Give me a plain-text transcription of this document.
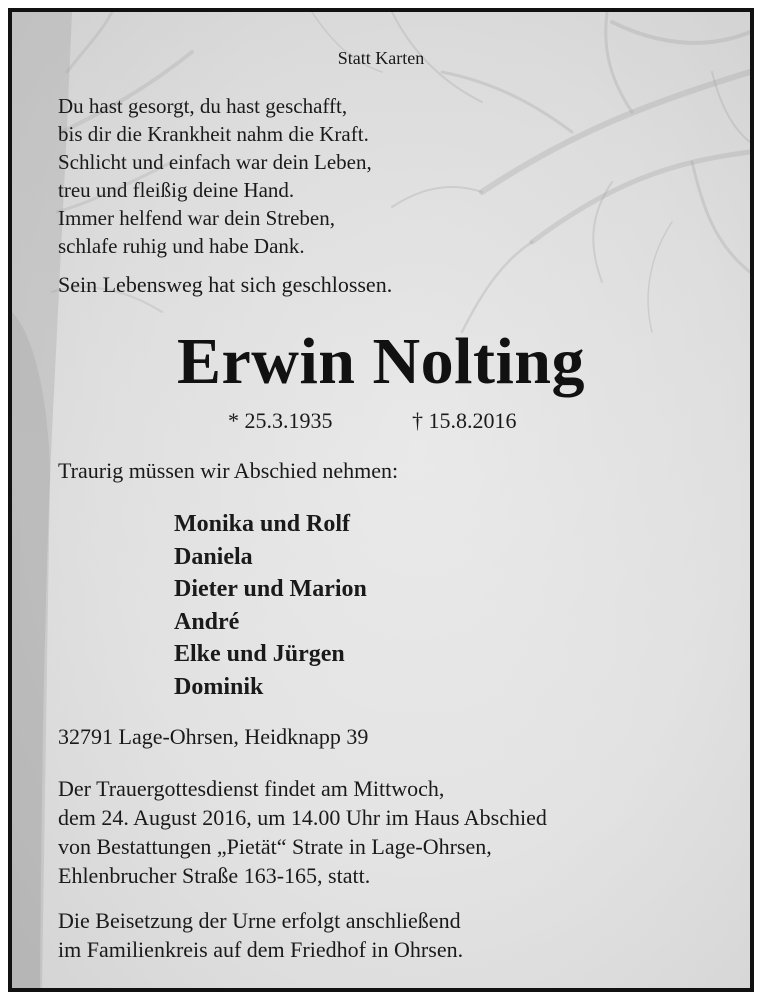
Statt Karten

Du hast gesorgt, du hast geschafft,
bis dir die Krankheit nahm die Kraft.
Schlicht und einfach war dein Leben,
treu und fleißig deine Hand.
Immer helfend war dein Streben,
schlafe ruhig und habe Dank.

Sein Lebensweg hat sich geschlossen.

Erwin Nolting
* 25.3.1935	† 15.8.2016

Traurig müssen wir Abschied nehmen:

Monika und Rolf
Daniela
Dieter und Marion
André
Elke und Jürgen
Dominik

32791 Lage-Ohrsen, Heidknapp 39

Der Trauergottesdienst findet am Mittwoch,
dem 24. August 2016, um 14.00 Uhr im Haus Abschied
von Bestattungen „Pietät“ Strate in Lage-Ohrsen,
Ehlenbrucher Straße 163-165, statt.
Die Beisetzung der Urne erfolgt anschließend
im Familienkreis auf dem Friedhof in Ohrsen.
